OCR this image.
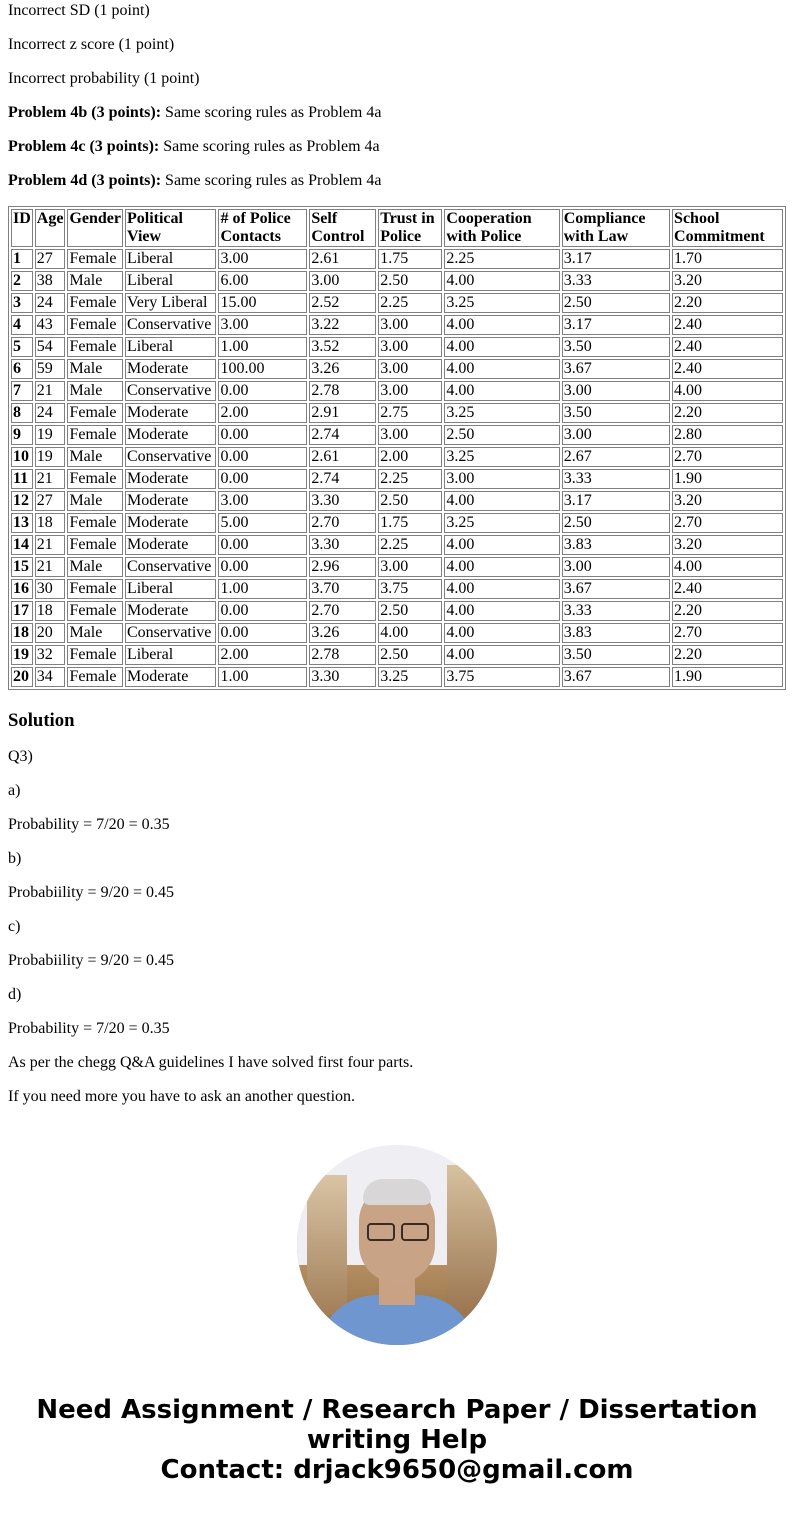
Incorrect SD (1 point)

Incorrect z score (1 point)

Incorrect probability (1 point)

Problem 4b (3 points): Same scoring rules as Problem 4a

Problem 4c (3 points): Same scoring rules as Problem 4a

Problem 4d (3 points): Same scoring rules as Problem 4a

ID	Age	Gender	Political View	# of Police Contacts	Self Control	Trust in Police	Cooperation with Police	Compliance with Law	School Commitment
1	27	Female	Liberal	3.00	2.61	1.75	2.25	3.17	1.70
2	38	Male	Liberal	6.00	3.00	2.50	4.00	3.33	3.20
3	24	Female	Very Liberal	15.00	2.52	2.25	3.25	2.50	2.20
4	43	Female	Conservative	3.00	3.22	3.00	4.00	3.17	2.40
5	54	Female	Liberal	1.00	3.52	3.00	4.00	3.50	2.40
6	59	Male	Moderate	100.00	3.26	3.00	4.00	3.67	2.40
7	21	Male	Conservative	0.00	2.78	3.00	4.00	3.00	4.00
8	24	Female	Moderate	2.00	2.91	2.75	3.25	3.50	2.20
9	19	Female	Moderate	0.00	2.74	3.00	2.50	3.00	2.80
10	19	Male	Conservative	0.00	2.61	2.00	3.25	2.67	2.70
11	21	Female	Moderate	0.00	2.74	2.25	3.00	3.33	1.90
12	27	Male	Moderate	3.00	3.30	2.50	4.00	3.17	3.20
13	18	Female	Moderate	5.00	2.70	1.75	3.25	2.50	2.70
14	21	Female	Moderate	0.00	3.30	2.25	4.00	3.83	3.20
15	21	Male	Conservative	0.00	2.96	3.00	4.00	3.00	4.00
16	30	Female	Liberal	1.00	3.70	3.75	4.00	3.67	2.40
17	18	Female	Moderate	0.00	2.70	2.50	4.00	3.33	2.20
18	20	Male	Conservative	0.00	3.26	4.00	4.00	3.83	2.70
19	32	Female	Liberal	2.00	2.78	2.50	4.00	3.50	2.20
20	34	Female	Moderate	1.00	3.30	3.25	3.75	3.67	1.90
Solution

Q3)

a)

Probability = 7/20 = 0.35

b)

Probabiility = 9/20 = 0.45

c)

Probabiility = 9/20 = 0.45

d)

Probability = 7/20 = 0.35

As per the chegg Q&A guidelines I have solved first four parts.

If you need more you have to ask an another question.

Need Assignment / Research Paper / Dissertation writing Help
Contact: drjack9650@gmail.com
